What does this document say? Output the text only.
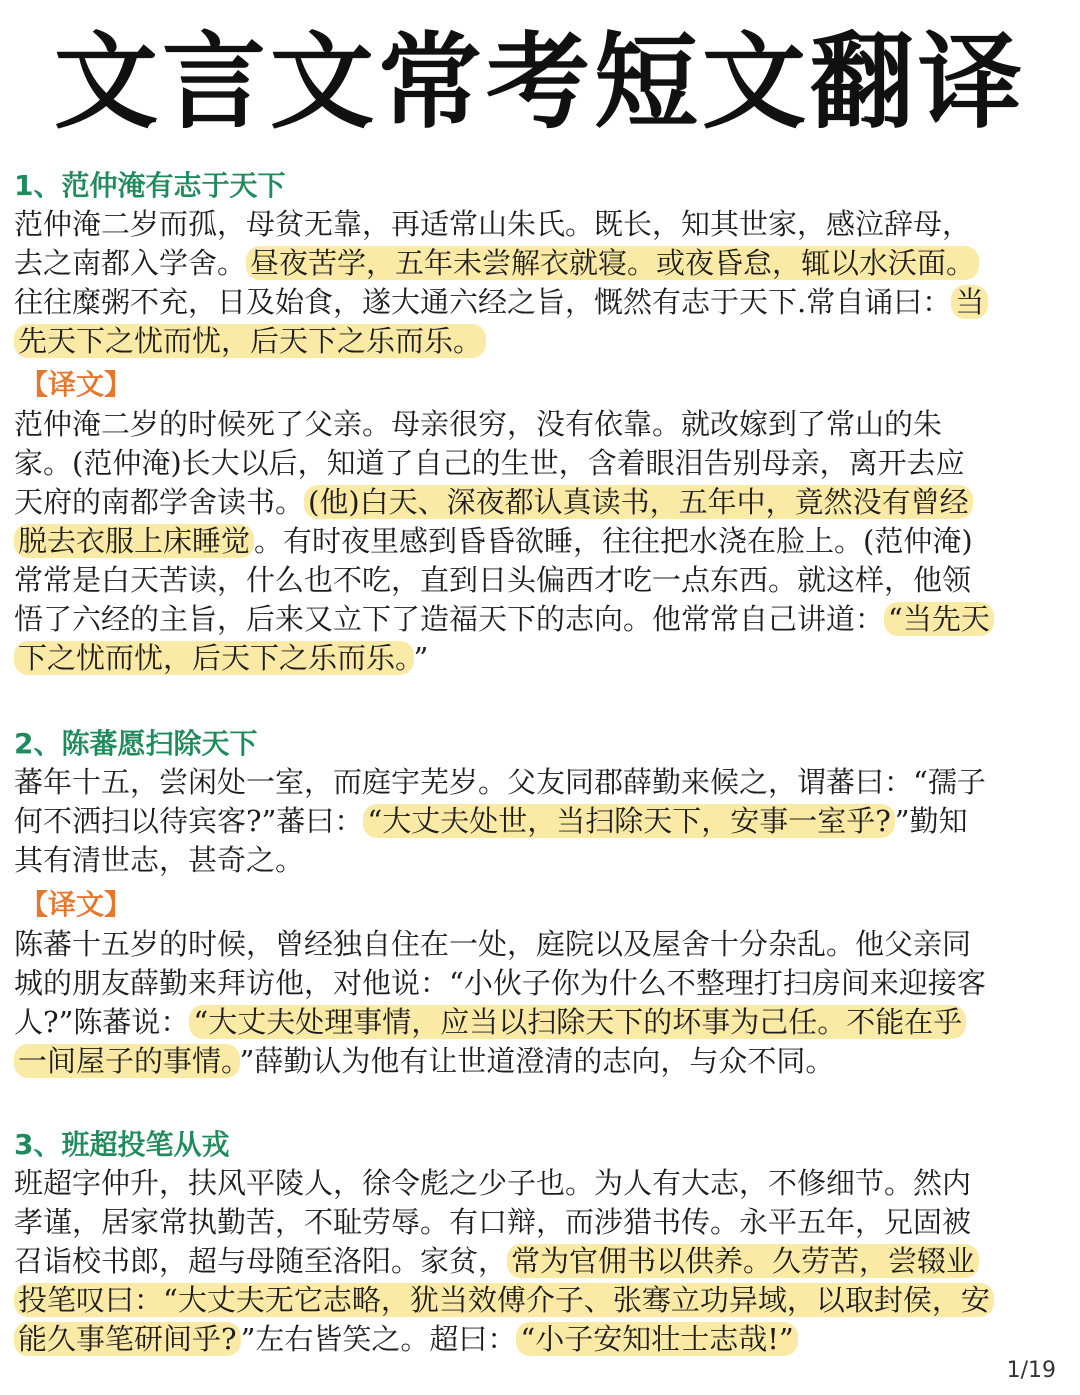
文言文常考短文翻译
1、范仲淹有志于天下
范仲淹二岁而孤，母贫无靠，再适常山朱氏。既长，知其世家，感泣辞母，
去之南都入学舍。 昼夜苦学，五年未尝解衣就寝。或夜昏怠，辄以水沃面。
往往糜粥不充，日及始食，遂大通六经之旨，慨然有志于天下.常自诵曰： 当
先天下之忧而忧，后天下之乐而乐。
【译文】
范仲淹二岁的时候死了父亲。母亲很穷，没有依靠。就改嫁到了常山的朱
家。(范仲淹)长大以后，知道了自己的生世，含着眼泪告别母亲，离开去应
天府的南都学舍读书。 (他)白天、深夜都认真读书，五年中，竟然没有曾经
脱去衣服上床睡觉 。有时夜里感到昏昏欲睡，往往把水浇在脸上。(范仲淹)
常常是白天苦读，什么也不吃，直到日头偏西才吃一点东西。就这样，他领
悟了六经的主旨，后来又立下了造福天下的志向。他常常自己讲道： “当先天
下之忧而忧，后天下之乐而乐。 ”
2、陈蕃愿扫除天下
蕃年十五，尝闲处一室，而庭宇芜岁。父友同郡薛勤来候之，谓蕃曰：“孺子
何不洒扫以待宾客?”蕃曰： “大丈夫处世，当扫除天下，安事一室乎? ”勤知
其有清世志，甚奇之。
【译文】
陈蕃十五岁的时候，曾经独自住在一处，庭院以及屋舍十分杂乱。他父亲同
城的朋友薛勤来拜访他，对他说：“小伙子你为什么不整理打扫房间来迎接客
人?”陈蕃说： “大丈夫处理事情，应当以扫除天下的坏事为己任。不能在乎
一间屋子的事情。 ”薛勤认为他有让世道澄清的志向，与众不同。
3、班超投笔从戎
班超字仲升，扶风平陵人，徐令彪之少子也。为人有大志，不修细节。然内
孝谨，居家常执勤苦，不耻劳辱。有口辩，而涉猎书传。永平五年，兄固被
召诣校书郎，超与母随至洛阳。家贫， 常为官佣书以供养。久劳苦，尝辍业
投笔叹曰：“大丈夫无它志略，犹当效傅介子、张骞立功异域，以取封侯，安
能久事笔研间乎? ”左右皆笑之。超曰： “小子安知壮士志哉!”
1/19
